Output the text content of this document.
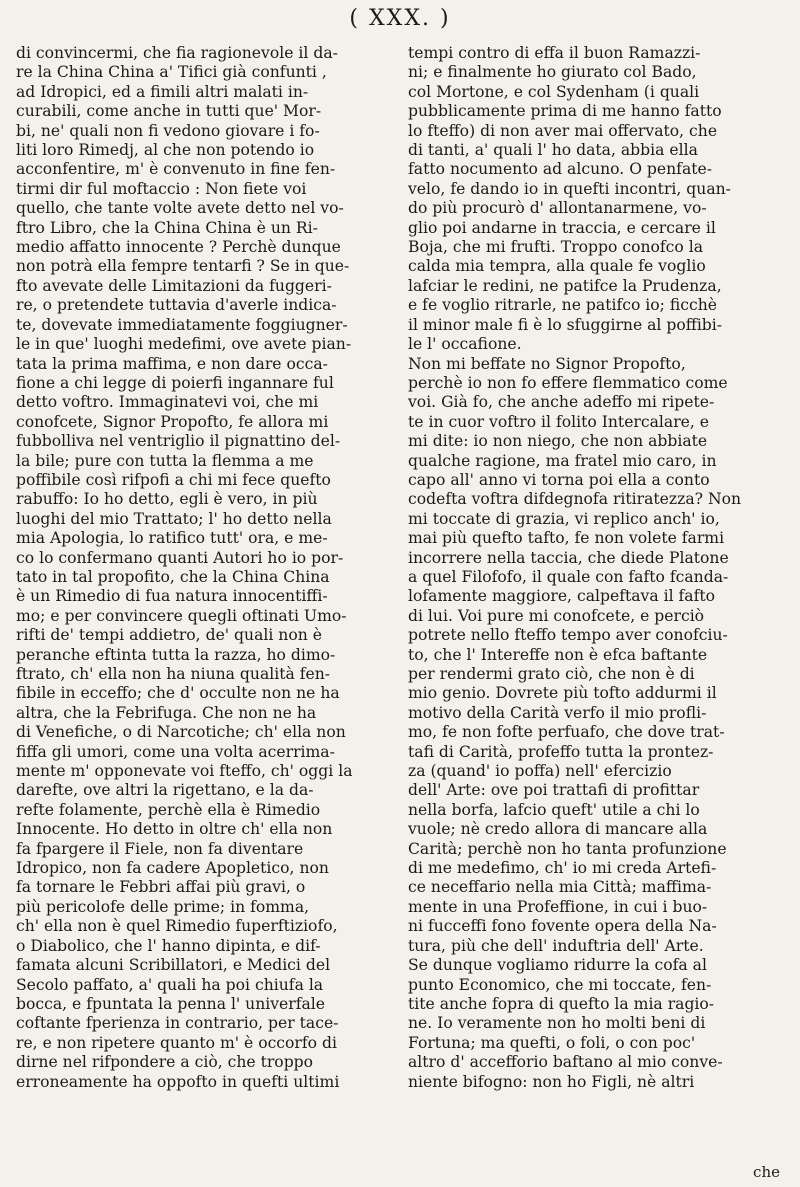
( XXX. )
di convincermi, che fia ragionevole il da-
re la China China a' Tifici già confunti ,
ad Idropici, ed a fimili altri malati in-
curabili, come anche in tutti que' Mor-
bi, ne' quali non fi vedono giovare i fo-
liti loro Rimedj, al che non potendo io
acconfentire, m' è convenuto in fine fen-
tirmi dir ful moftaccio : Non fiete voi
quello, che tante volte avete detto nel vo-
ftro Libro, che la China China è un Ri-
medio affatto innocente ? Perchè dunque
non potrà ella fempre tentarfi ? Se in que-
fto avevate delle Limitazioni da fuggeri-
re, o pretendete tuttavia d'averle indica-
te, dovevate immediatamente foggiugner-
le in que' luoghi medefimi, ove avete pian-
tata la prima maffima, e non dare occa-
fione a chi legge di poierfi ingannare ful
detto voftro. Immaginatevi voi, che mi
conofcete, Signor Propofto, fe allora mi
fubbolliva nel ventriglio il pignattino del-
la bile; pure con tutta la flemma a me
poffibile così rifpofi a chi mi fece quefto
rabuffo: Io ho detto, egli è vero, in più
luoghi del mio Trattato; l' ho detto nella
mia Apologia, lo ratifico tutt' ora, e me-
co lo confermano quanti Autori ho io por-
tato in tal propofito, che la China China
è un Rimedio di fua natura innocentiffi-
mo; e per convincere quegli oftinati Umo-
rifti de' tempi addietro, de' quali non è
peranche eftinta tutta la razza, ho dimo-
ftrato, ch' ella non ha niuna qualità fen-
fibile in ecceffo; che d' occulte non ne ha
altra, che la Febrifuga. Che non ne ha
di Venefiche, o di Narcotiche; ch' ella non
fiffa gli umori, come una volta acerrima-
mente m' opponevate voi fteffo, ch' oggi la
darefte, ove altri la rigettano, e la da-
refte folamente, perchè ella è Rimedio
Innocente. Ho detto in oltre ch' ella non
fa fpargere il Fiele, non fa diventare
Idropico, non fa cadere Apopletico, non
fa tornare le Febbri affai più gravi, o
più pericolofe delle prime; in fomma,
ch' ella non è quel Rimedio fuperftiziofo,
o Diabolico, che l' hanno dipinta, e dif-
famata alcuni Scribillatori, e Medici del
Secolo paffato, a' quali ha poi chiufa la
bocca, e fpuntata la penna l' univerfale
coftante fperienza in contrario, per tace-
re, e non ripetere quanto m' è occorfo di
dirne nel rifpondere a ciò, che troppo
erroneamente ha oppofto in quefti ultimi
tempi contro di effa il buon Ramazzi-
ni; e finalmente ho giurato col Bado,
col Mortone, e col Sydenham (i quali
pubblicamente prima di me hanno fatto
lo fteffo) di non aver mai offervato, che
di tanti, a' quali l' ho data, abbia ella
fatto nocumento ad alcuno. O penfate-
velo, fe dando io in quefti incontri, quan-
do più procurò d' allontanarmene, vo-
glio poi andarne in traccia, e cercare il
Boja, che mi frufti. Troppo conofco la
calda mia tempra, alla quale fe voglio
lafciar le redini, ne patifce la Prudenza,
e fe voglio ritrarle, ne patifco io; ficchè
il minor male fi è lo sfuggirne al poffibi-
le l' occafione.
Non mi beffate no Signor Propofto,
perchè io non fo effere flemmatico come
voi. Già fo, che anche adeffo mi ripete-
te in cuor voftro il folito Intercalare, e
mi dite: io non niego, che non abbiate
qualche ragione, ma fratel mio caro, in
capo all' anno vi torna poi ella a conto
codefta voftra difdegnofa ritiratezza? Non
mi toccate di grazia, vi replico anch' io,
mai più quefto tafto, fe non volete farmi
incorrere nella taccia, che diede Platone
a quel Filofofo, il quale con fafto fcanda-
lofamente maggiore, calpeftava il fafto
di lui. Voi pure mi conofcete, e perciò
potrete nello fteffo tempo aver conofciu-
to, che l' Intereffe non è efca baftante
per rendermi grato ciò, che non è di
mio genio. Dovrete più tofto addurmi il
motivo della Carità verfo il mio profli-
mo, fe non fofte perfuafo, che dove trat-
tafi di Carità, profeffo tutta la prontez-
za (quand' io poffa) nell' efercizio
dell' Arte: ove poi trattafi di profittar
nella borfa, lafcio queft' utile a chi lo
vuole; nè credo allora di mancare alla
Carità; perchè non ho tanta profunzione
di me medefimo, ch' io mi creda Artefi-
ce neceffario nella mia Città; maffima-
mente in una Profeffione, in cui i buo-
ni fucceffi fono fovente opera della Na-
tura, più che dell' induftria dell' Arte.
Se dunque vogliamo ridurre la cofa al
punto Economico, che mi toccate, fen-
tite anche fopra di quefto la mia ragio-
ne. Io veramente non ho molti beni di
Fortuna; ma quefti, o foli, o con poc'
altro d' accefforio baftano al mio conve-
niente bifogno: non ho Figli, nè altri
che
